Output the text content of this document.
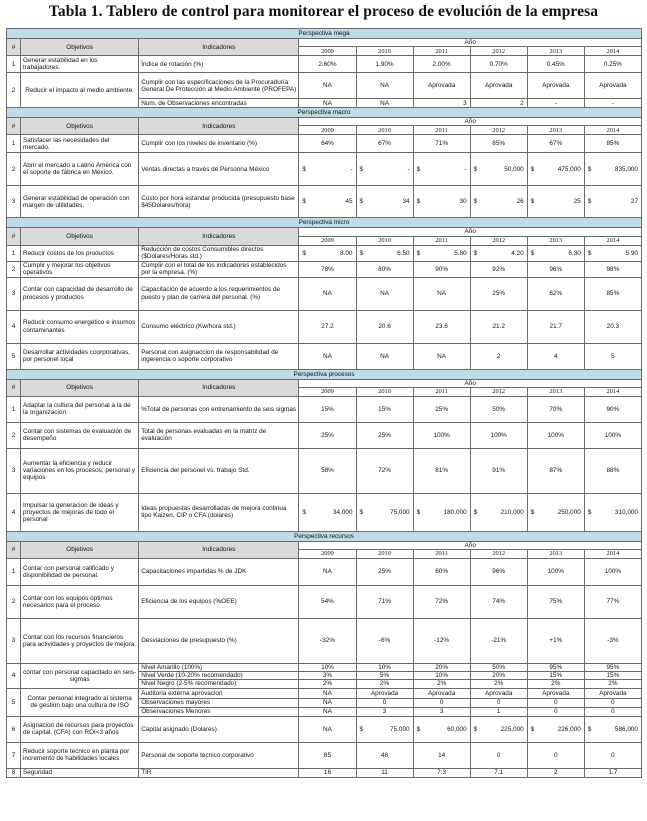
Tabla 1. Tablero de control para monitorear el proceso de evolución de la empresa
Perspectiva mega								
#	Objetivos	Indicadores	Año					
			2009	2010	2011	2012	2013	2014
1	Generar estabilidad en los trabajadores.	Índice de rotación (%)	2.60%	1.90%	2.00%	0.70%	0.45%	0.25%
2	Reducir el impacto al medio ambiente.	Cumplir con las especificaciones de la Procuraduría General De Protección al Medio Ambiente (PROFEPA)	NA	NA	Aprovada	Aprovada	Aprovada	Aprovada
		Num. de Observaciones encontradas	NA	NA	3	2	-	-
Perspectiva macro								
#	Objetivos	Indicadores	Año					
			2009	2010	2011	2012	2013	2014
1	Satisfacer las necesidades del mercado.	Cumplir con los niveles de inventario (%)	64%	67%	71%	85%	67%	85%
2	Abrir el mercado a Latino América con el soporte de fábrica en México.	Ventas directas a través de Personna México	$ -	$ -	$ -	$ 50,000	$ 475,000	$ 835,000

3	Generar estabilidad de operación con margen de utilidades.	Costo por hora estandar producida (presupuesto base $45Dolares/hora)	$ 45	$ 34	$ 30	$ 26	$ 25	$ 27

Perspectiva micro								
#	Objetivos	Indicadores	Año					
			2009	2010	2011	2012	2013	2014
1	Reducir costos de los productos	Reducción de costos Consumibles directos ($Dolares/Horas std.)	$ 8.00	$ 6.50	$ 5.80	$ 4.20	$ 6.30	$ 5.90

2	Cumplir y mejorar los objetivos operativos	Cumplir con el total de los indicadores establecidos por la empresa. (%)	78%	80%	90%	92%	96%	98%
3	Contar con capacidad de desarrollo de procesos y productos	Capacitación de acuerdo a los requerimientos de puesto y plan de carrera del personal. (%)	NA	NA	NA	25%	62%	85%
4	Reducir consumo energético e insumos contaminantes	Consumo eléctrico (Kw/hora std.)	27.2	20.6	23.6	21.2	21.7	20.3
5	Desarrollar actividades coorporativas, por personel local	Personal con asignaccion de responsabilidad de ingerencia o soporte corporativo	NA	NA	NA	2	4	5
Perspectiva procesos								
#	Objetivos	Indicadores	Año					
			2009	2010	2011	2012	2013	2014
1	Adaptar la cultura del personal a la de la organización	%Total de personas con entrenamiento de seis sigmas	15%	15%	25%	50%	70%	90%
2	Contar con sistemas de evaluación de desempeño	Total de personas evaluadas en la matriz de evaluación	25%	25%	100%	100%	100%	100%
3	Aumentar la eficiencia y reducir variaciones en los procesos, personal y equipos	Eficiencia del personel vs. trabajo Std.	58%	72%	81%	91%	87%	88%
4	Impulsar la generacion de ideas y proyectos de mejoras de todo el personal	Ideas propuestas desarrolladas de mejora continua tipo Kaizen, CIP o CFA (dolares)	$ 34,000	$ 75,000	$ 180,000	$ 210,000	$ 250,000	$ 310,000

Perspectiva recursos								
#	Objetivos	Indicadores	Año					
			2009	2010	2011	2012	2013	2014
1	Contar con personal calificado y disponibilidad de personal.	Capacitaciones impartidas % de JDK	NA	25%	60%	96%	100%	100%
2	Contar con los equipos óptimos necesarios para el proceso.	Eficiencia de los equipos (%OEE)	54%	71%	72%	74%	75%	77%
3	Contar con los recursos financieros para actividades y proyectos de mejora.	Desviaciones de presupuesto (%)	-32%	-6%	-12%	-21%	+1%	-3%
4	contar con personal capacitado en seis-sigmas	Nivel Amarillo (100%)	10%	10%	20%	50%	95%	95%
		Nivel Verde (10-20% recomendado)	3%	5%	10%	20%	15%	15%
		Nivel Negro (2-5% recomendado)	2%	2%	2%	2%	2%	2%
5	Contar personal integrado al sistema de gestion bajo una cultura de ISO	Auditoria externa aprovacion	NA	Aprovada	Aprovada	Aprovada	Aprovada	Aprovada
		Observaciones mayores	NA	0	0	0	0	0
		Observaciones Menores	NA	3	3	1	0	0
6	Asignacion de recursos para proyectos de capital, (CFA) con ROI<3 años	Capital asignado (Dolares)	NA	$ 75,000	$ 60,000	$ 225,000	$ 226,000	$ 586,000

7	Reducir soporte tecnico en planta por incremento de habilidades locales	Personal de soporte técnico corporativo	85	48	14	0	0	0
8	Seguridad	TIR	16	11	7.3	7.1	2	1.7
